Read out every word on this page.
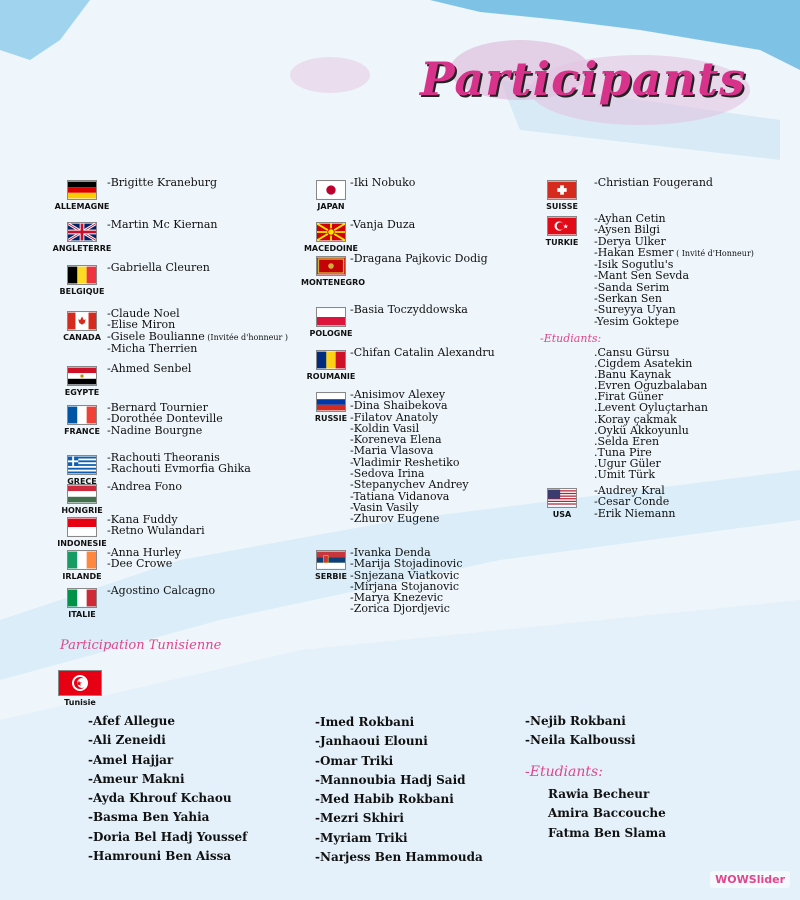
Participants
ALLEMAGNE
-Brigitte Kraneburg
ANGLETERRE
-Martin Mc Kiernan
BELGIQUE
-Gabriella Cleuren
CANADA
-Claude Noel
-Elise Miron
-Gisele Boulianne (Invitée d'honneur )
-Micha Therrien
EGYPTE
-Ahmed Senbel
FRANCE
-Bernard Tournier
-Dorothée Donteville
-Nadine Bourgne
GRECE
-Rachouti Theoranis
-Rachouti Evmorfia Ghika
HONGRIE
-Andrea Fono
INDONESIE
-Kana Fuddy
-Retno Wulandari
IRLANDE
-Anna Hurley
-Dee Crowe
ITALIE
-Agostino Calcagno
JAPAN
-Iki Nobuko
MACEDOINE
-Vanja Duza
MONTENEGRO
-Dragana Pajkovic Dodig
POLOGNE
-Basia Toczyddowska
ROUMANIE
-Chifan Catalin Alexandru
RUSSIE
-Anisimov Alexey
-Dina Shaibekova
-Filatov Anatoly
-Koldin Vasil
-Koreneva Elena
-Maria Vlasova
-Vladimir Reshetiko
-Sedova Irina
-Stepanychev Andrey
-Tatiana Vidanova
-Vasin Vasily
-Zhurov Eugene
SERBIE
-Ivanka Denda
-Marija Stojadinovic
-Snjezana Viatkovic
-Mirjana Stojanovic
-Marya Knezevic
-Zorica Djordjevic
SUISSE
-Christian Fougerand
★
TURKIE
-Ayhan Cetin
-Aysen Bilgi
-Derya Ulker
-Hakan Esmer ( Invité d'Honneur)
-Isik Sogutlu's
-Mant Sen Sevda
-Sanda Serim
-Serkan Sen
-Sureyya Uyan
-Yesim Goktepe
USA
-Audrey Kral
-Cesar Conde
-Erik Niemann
-Etudiants:
.Cansu Gürsu
.Cigdem Asatekin
.Banu Kaynak
.Evren Oguzbalaban
.Firat Güner
.Levent Oyluçtarhan
.Koray çakmak
.Oykü Akkoyunlu
.Selda Eren
.Tuna Pire
.Ugur Güler
.Umit Türk
Participation Tunisienne
★
Tunisie
-Afef Allegue
-Ali Zeneidi
-Amel Hajjar
-Ameur Makni
-Ayda Khrouf Kchaou
-Basma Ben Yahia
-Doria Bel Hadj Youssef
-Hamrouni Ben Aissa
-Imed Rokbani
-Janhaoui Elouni
-Omar Triki
-Mannoubia Hadj Said
-Med Habib Rokbani
-Mezri Skhiri
-Myriam Triki
-Narjess Ben Hammouda
-Nejib Rokbani
-Neila Kalboussi
-Etudiants:
Rawia Becheur
Amira Baccouche
Fatma Ben Slama
WOWSlider
